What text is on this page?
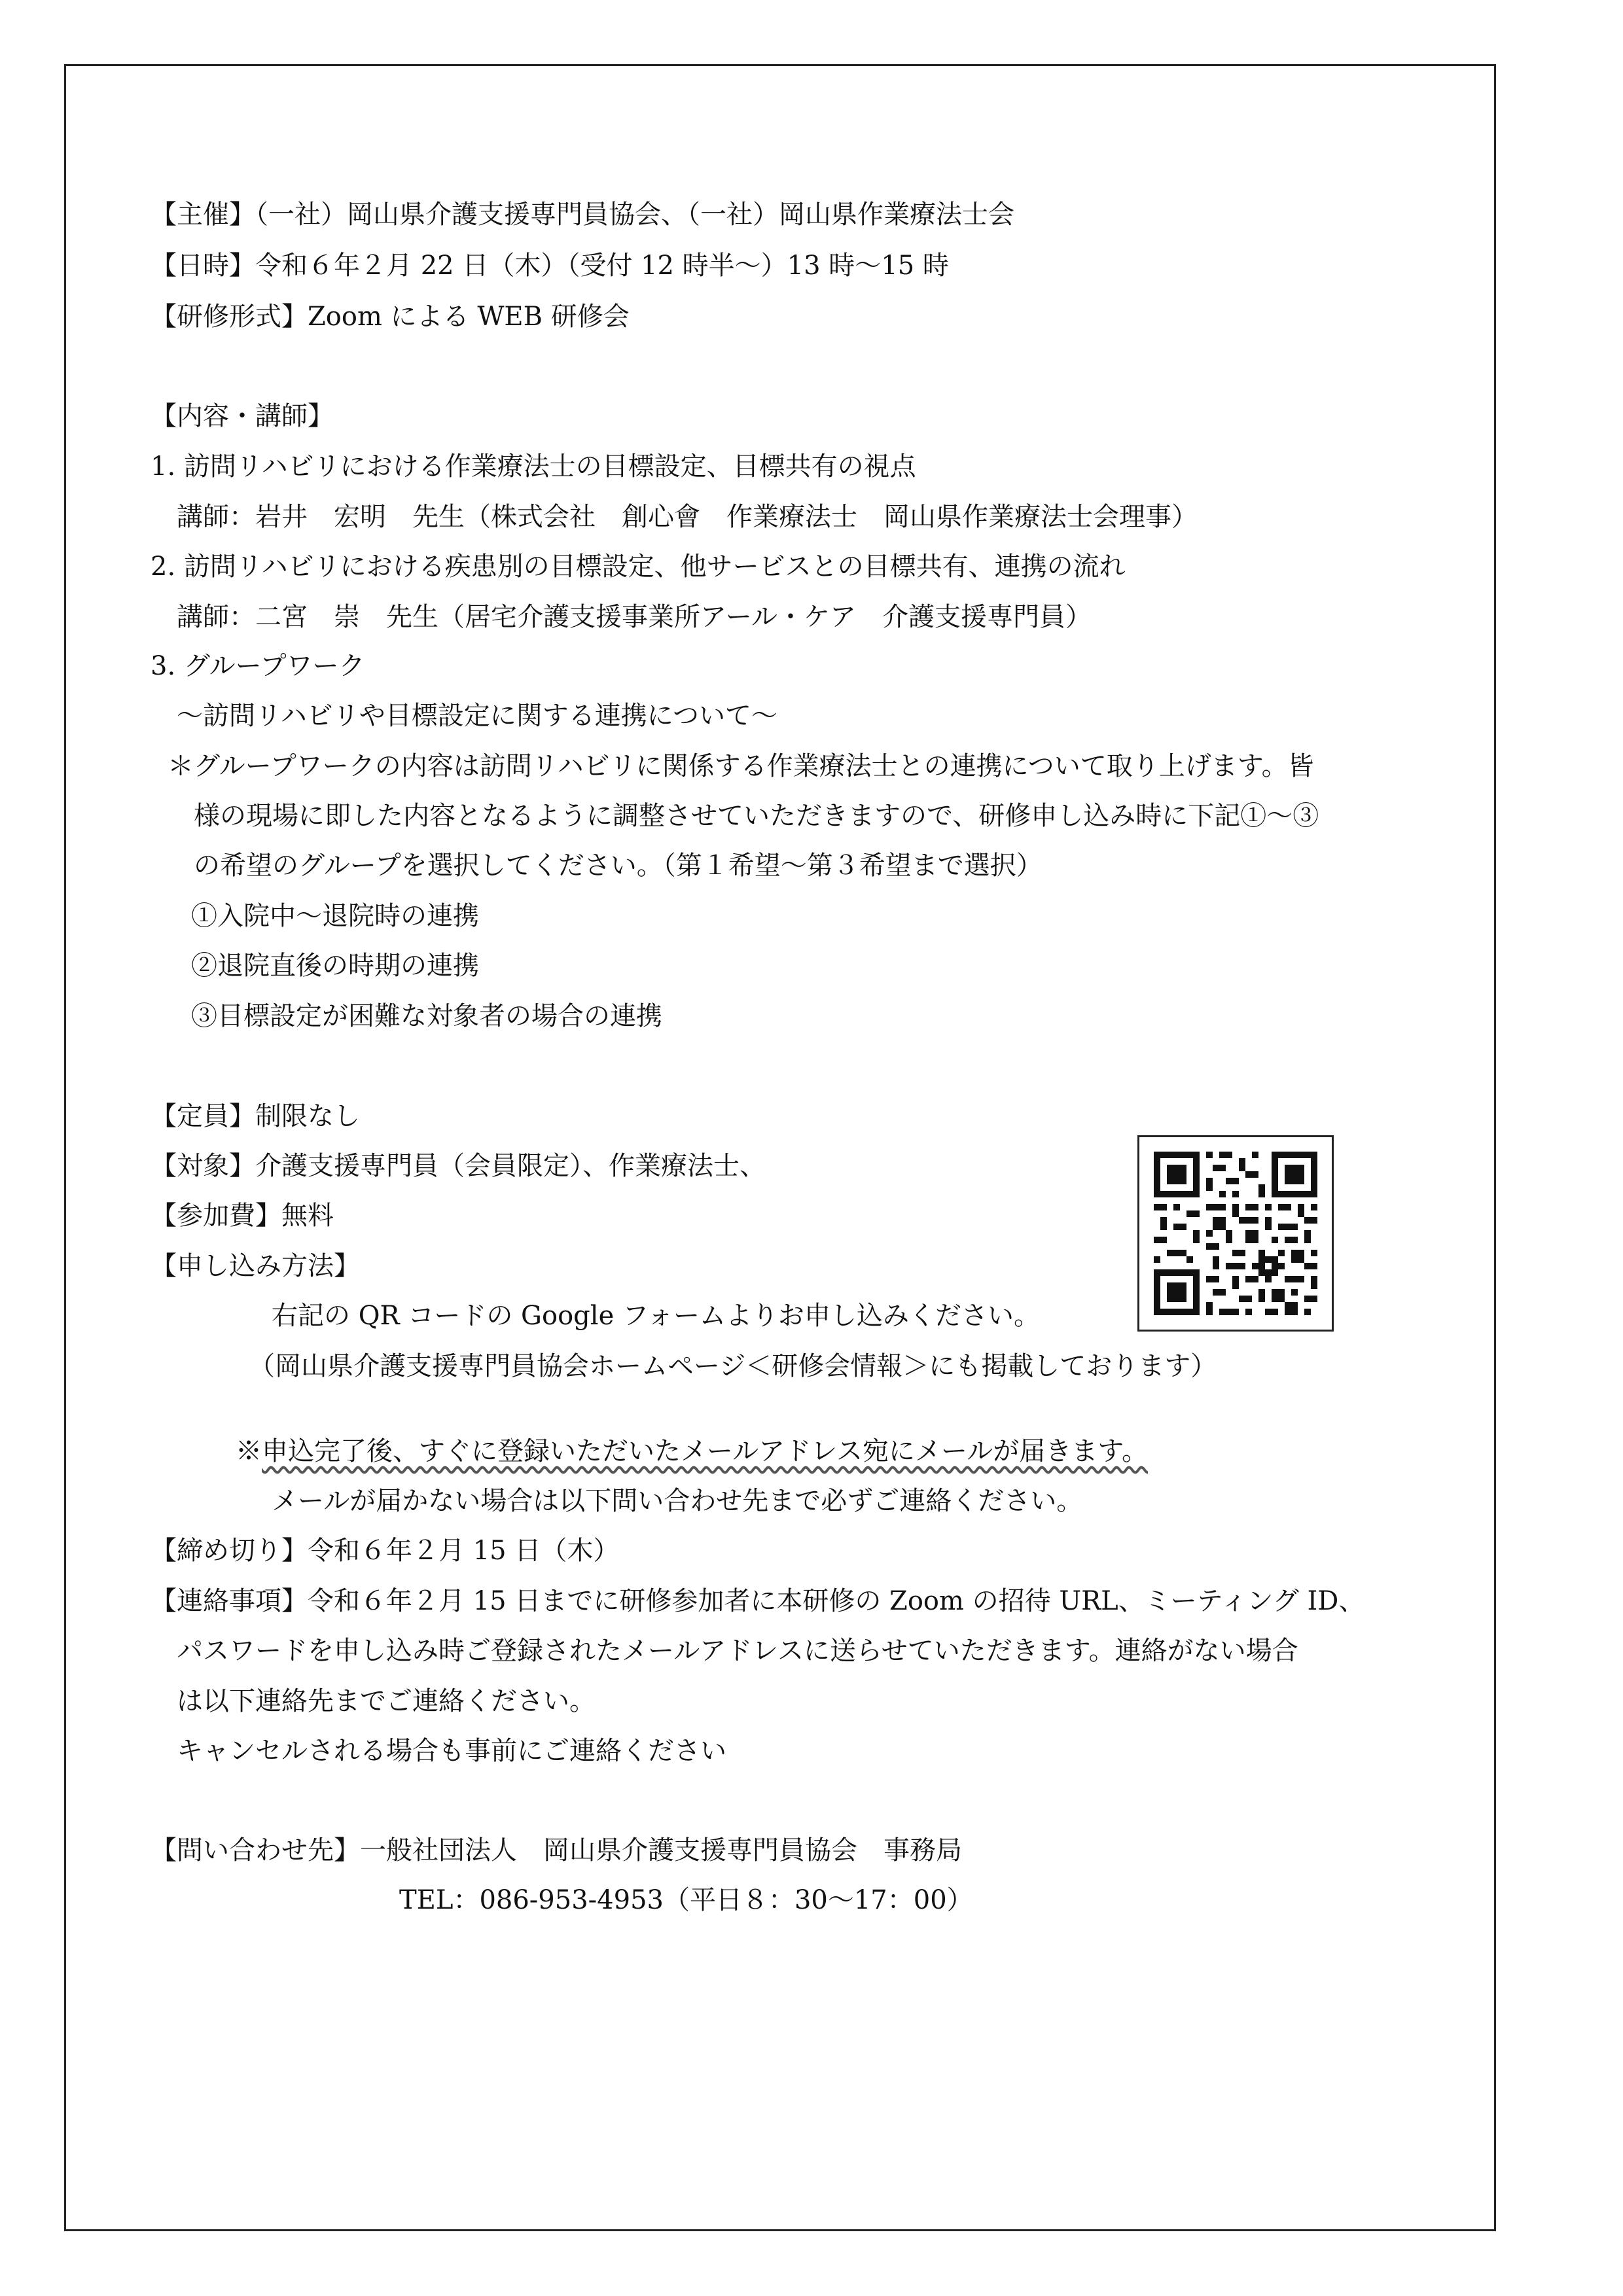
【主催】（一社）岡山県介護支援専門員協会、（一社）岡山県作業療法士会
【日時】令和６年２月 22 日（木）（受付 12 時半～）13 時～15 時
【研修形式】Zoom による WEB 研修会
【内容・講師】
1. 訪問リハビリにおける作業療法士の目標設定、目標共有の視点
講師：岩井　宏明　先生（株式会社　創心會　作業療法士　岡山県作業療法士会理事）
2. 訪問リハビリにおける疾患別の目標設定、他サービスとの目標共有、連携の流れ
講師：二宮　崇　先生（居宅介護支援事業所アール・ケア　介護支援専門員）
3. グループワーク
～訪問リハビリや目標設定に関する連携について～
＊グループワークの内容は訪問リハビリに関係する作業療法士との連携について取り上げます。皆
様の現場に即した内容となるように調整させていただきますので、研修申し込み時に下記①～③
の希望のグループを選択してください。（第１希望～第３希望まで選択）
①入院中～退院時の連携
②退院直後の時期の連携
③目標設定が困難な対象者の場合の連携
【定員】制限なし
【対象】介護支援専門員（会員限定）、作業療法士、
【参加費】無料
【申し込み方法】
右記の QR コードの Google フォームよりお申し込みください。
（岡山県介護支援専門員協会ホームページ＜研修会情報＞にも掲載しております）
※申込完了後、すぐに登録いただいたメールアドレス宛にメールが届きます。
メールが届かない場合は以下問い合わせ先まで必ずご連絡ください。
【締め切り】令和６年２月 15 日（木）
【連絡事項】令和６年２月 15 日までに研修参加者に本研修の Zoom の招待 URL、ミーティング ID、
パスワードを申し込み時ご登録されたメールアドレスに送らせていただきます。連絡がない場合
は以下連絡先までご連絡ください。
キャンセルされる場合も事前にご連絡ください
【問い合わせ先】一般社団法人　岡山県介護支援専門員協会　事務局
TEL：086-953-4953（平日８：30～17：00）
